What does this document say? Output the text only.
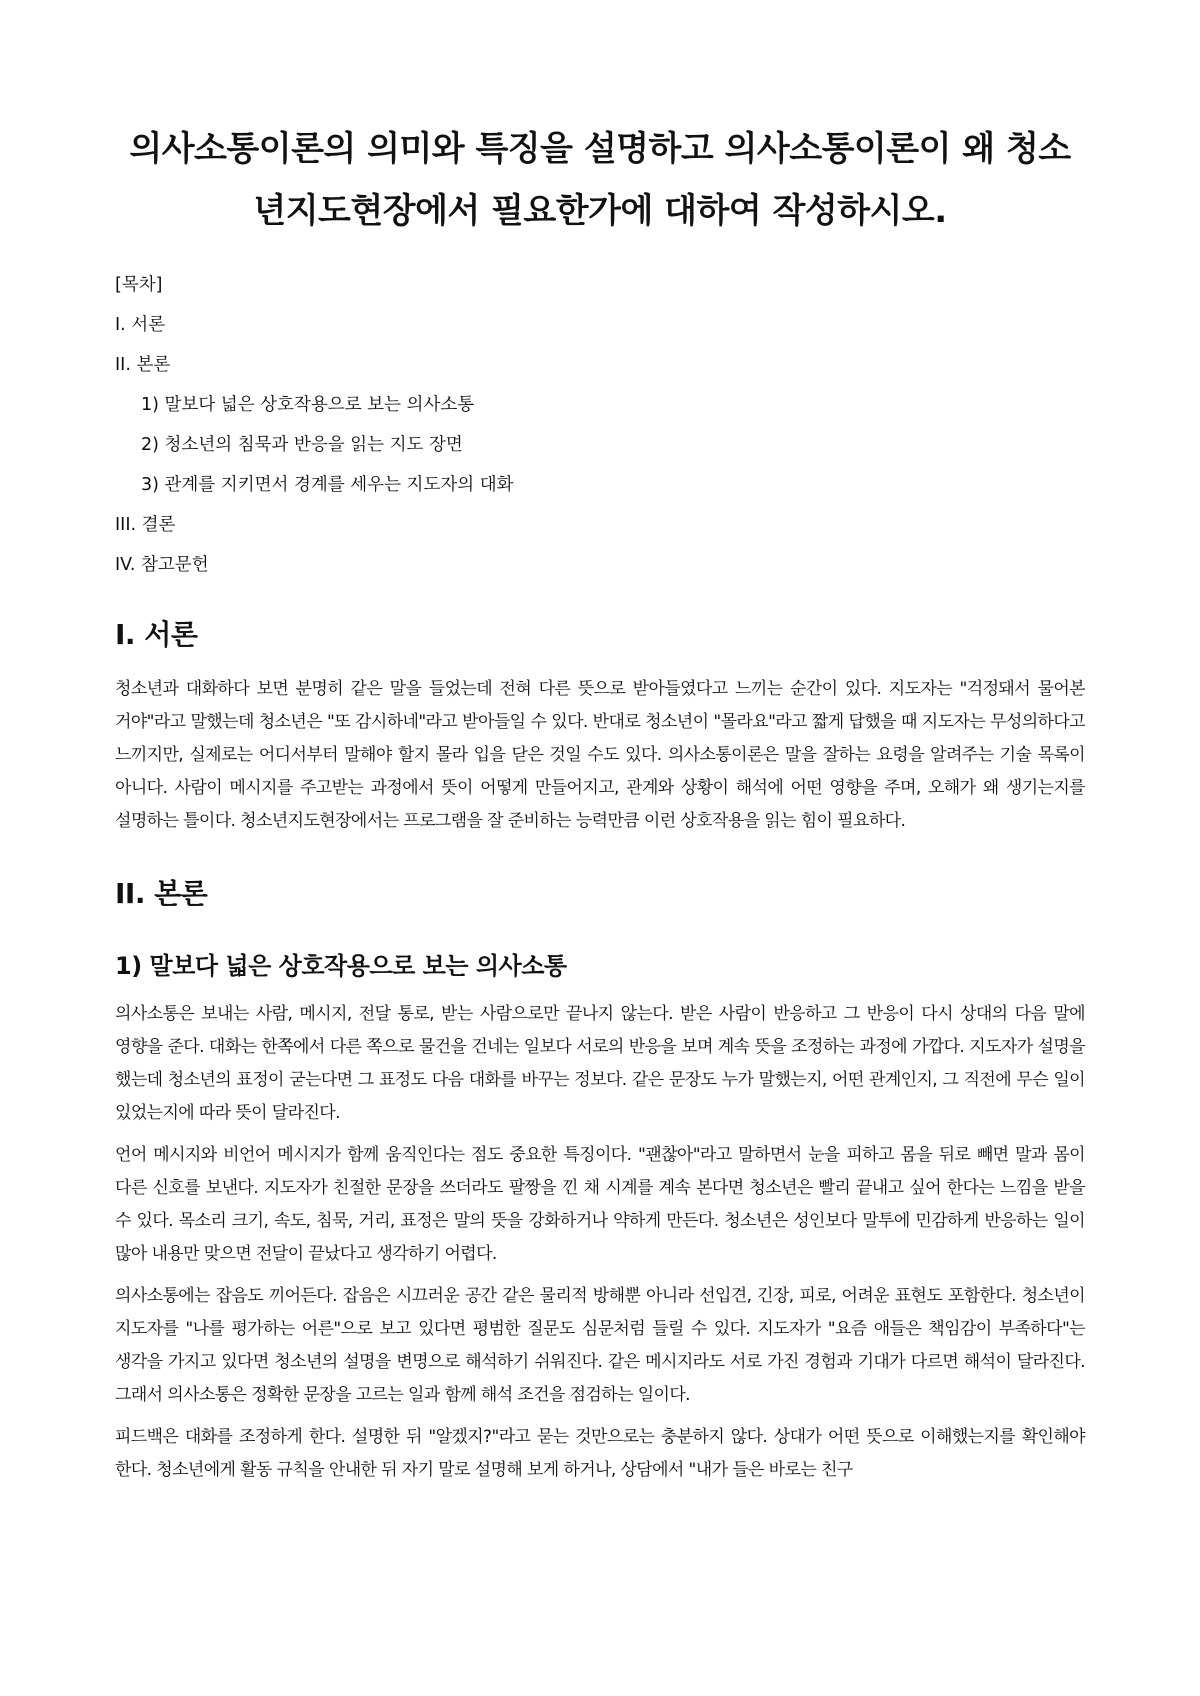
의사소통이론의 의미와 특징을 설명하고 의사소통이론이 왜 청소년지도현장에서 필요한가에 대하여 작성하시오.
[목차]
I. 서론
II. 본론
1) 말보다 넓은 상호작용으로 보는 의사소통
2) 청소년의 침묵과 반응을 읽는 지도 장면
3) 관계를 지키면서 경계를 세우는 지도자의 대화
III. 결론
IV. 참고문헌
I. 서론

청소년과 대화하다 보면 분명히 같은 말을 들었는데 전혀 다른 뜻으로 받아들였다고 느끼는 순간이 있다. 지도자는 "걱정돼서 물어본 거야"라고 말했는데 청소년은 "또 감시하네"라고 받아들일 수 있다. 반대로 청소년이 "몰라요"라고 짧게 답했을 때 지도자는 무성의하다고 느끼지만, 실제로는 어디서부터 말해야 할지 몰라 입을 닫은 것일 수도 있다. 의사소통이론은 말을 잘하는 요령을 알려주는 기술 목록이 아니다. 사람이 메시지를 주고받는 과정에서 뜻이 어떻게 만들어지고, 관계와 상황이 해석에 어떤 영향을 주며, 오해가 왜 생기는지를 설명하는 틀이다. 청소년지도현장에서는 프로그램을 잘 준비하는 능력만큼 이런 상호작용을 읽는 힘이 필요하다.

II. 본론
1) 말보다 넓은 상호작용으로 보는 의사소통

의사소통은 보내는 사람, 메시지, 전달 통로, 받는 사람으로만 끝나지 않는다. 받은 사람이 반응하고 그 반응이 다시 상대의 다음 말에 영향을 준다. 대화는 한쪽에서 다른 쪽으로 물건을 건네는 일보다 서로의 반응을 보며 계속 뜻을 조정하는 과정에 가깝다. 지도자가 설명을 했는데 청소년의 표정이 굳는다면 그 표정도 다음 대화를 바꾸는 정보다. 같은 문장도 누가 말했는지, 어떤 관계인지, 그 직전에 무슨 일이 있었는지에 따라 뜻이 달라진다.

언어 메시지와 비언어 메시지가 함께 움직인다는 점도 중요한 특징이다. "괜찮아"라고 말하면서 눈을 피하고 몸을 뒤로 빼면 말과 몸이 다른 신호를 보낸다. 지도자가 친절한 문장을 쓰더라도 팔짱을 낀 채 시계를 계속 본다면 청소년은 빨리 끝내고 싶어 한다는 느낌을 받을 수 있다. 목소리 크기, 속도, 침묵, 거리, 표정은 말의 뜻을 강화하거나 약하게 만든다. 청소년은 성인보다 말투에 민감하게 반응하는 일이 많아 내용만 맞으면 전달이 끝났다고 생각하기 어렵다.

의사소통에는 잡음도 끼어든다. 잡음은 시끄러운 공간 같은 물리적 방해뿐 아니라 선입견, 긴장, 피로, 어려운 표현도 포함한다. 청소년이 지도자를 "나를 평가하는 어른"으로 보고 있다면 평범한 질문도 심문처럼 들릴 수 있다. 지도자가 "요즘 애들은 책임감이 부족하다"는 생각을 가지고 있다면 청소년의 설명을 변명으로 해석하기 쉬워진다. 같은 메시지라도 서로 가진 경험과 기대가 다르면 해석이 달라진다. 그래서 의사소통은 정확한 문장을 고르는 일과 함께 해석 조건을 점검하는 일이다.

피드백은 대화를 조정하게 한다. 설명한 뒤 "알겠지?"라고 묻는 것만으로는 충분하지 않다. 상대가 어떤 뜻으로 이해했는지를 확인해야 한다. 청소년에게 활동 규칙을 안내한 뒤 자기 말로 설명해 보게 하거나, 상담에서 "내가 들은 바로는 친구
